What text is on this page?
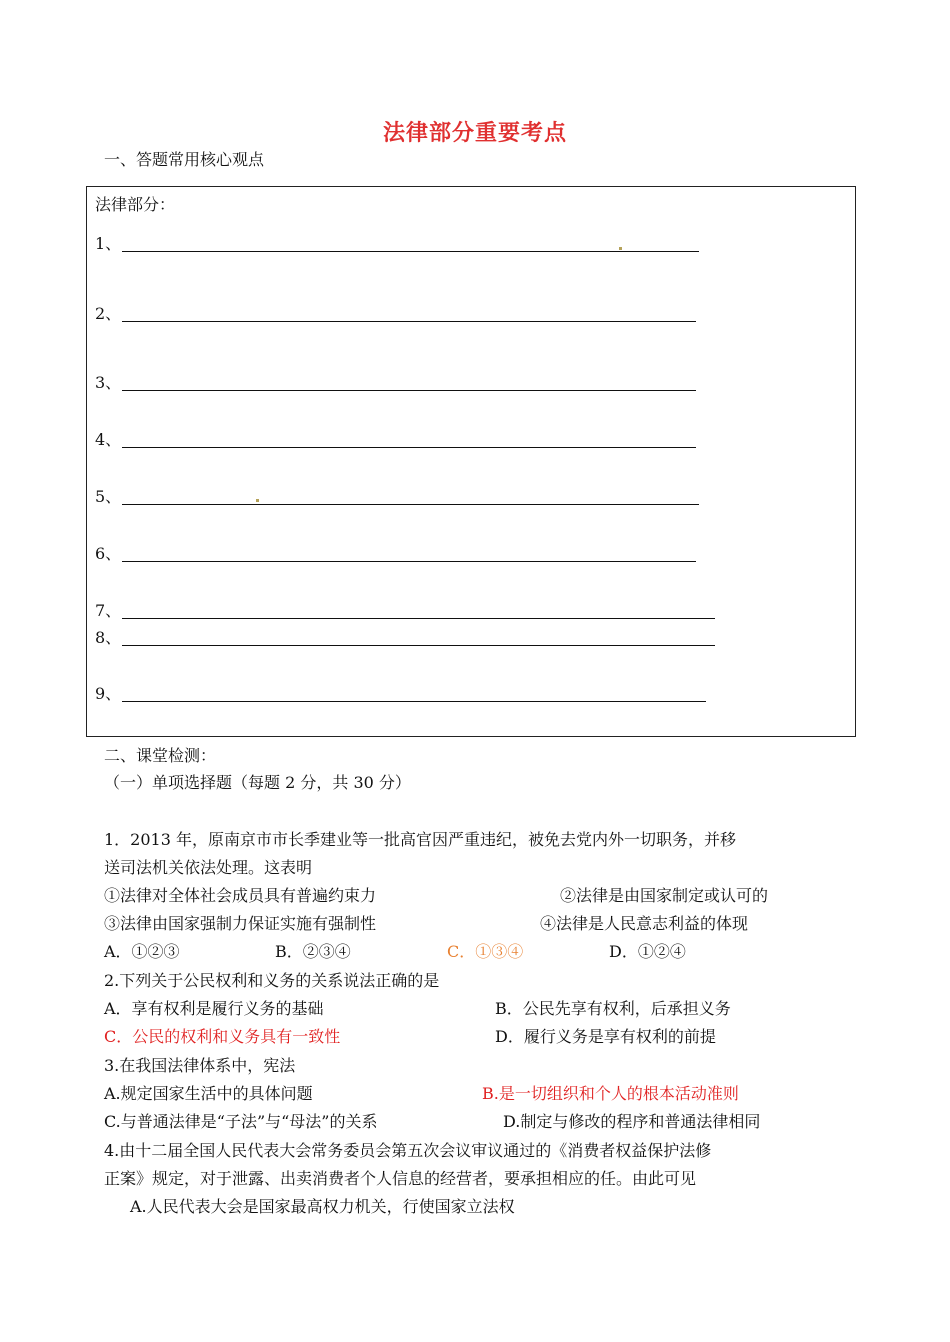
法律部分重要考点
一、答题常用核心观点
法律部分：
1、
2、
3、
4、
5、
6、
7、
8、
9、
二、课堂检测：
（一）单项选择题（每题 2 分，共 30 分）
1．2013 年，原南京市市长季建业等一批高官因严重违纪，被免去党内外一切职务，并移
送司法机关依法处理。这表明
①法律对全体社会成员具有普遍约束力	②法律是由国家制定或认可的
③法律由国家强制力保证实施有强制性	④法律是人民意志利益的体现
A．①②③	B．②③④	C．①③④	D．①②④
2.下列关于公民权利和义务的关系说法正确的是
A．享有权利是履行义务的基础	B．公民先享有权利，后承担义务
C．公民的权利和义务具有一致性	D．履行义务是享有权利的前提
3.在我国法律体系中，宪法
A.规定国家生活中的具体问题	B.是一切组织和个人的根本活动准则
C.与普通法律是“子法”与“母法”的关系	D.制定与修改的程序和普通法律相同
4.由十二届全国人民代表大会常务委员会第五次会议审议通过的《消费者权益保护法修
正案》规定，对于泄露、出卖消费者个人信息的经营者，要承担相应的任。由此可见
A.人民代表大会是国家最高权力机关，行使国家立法权
